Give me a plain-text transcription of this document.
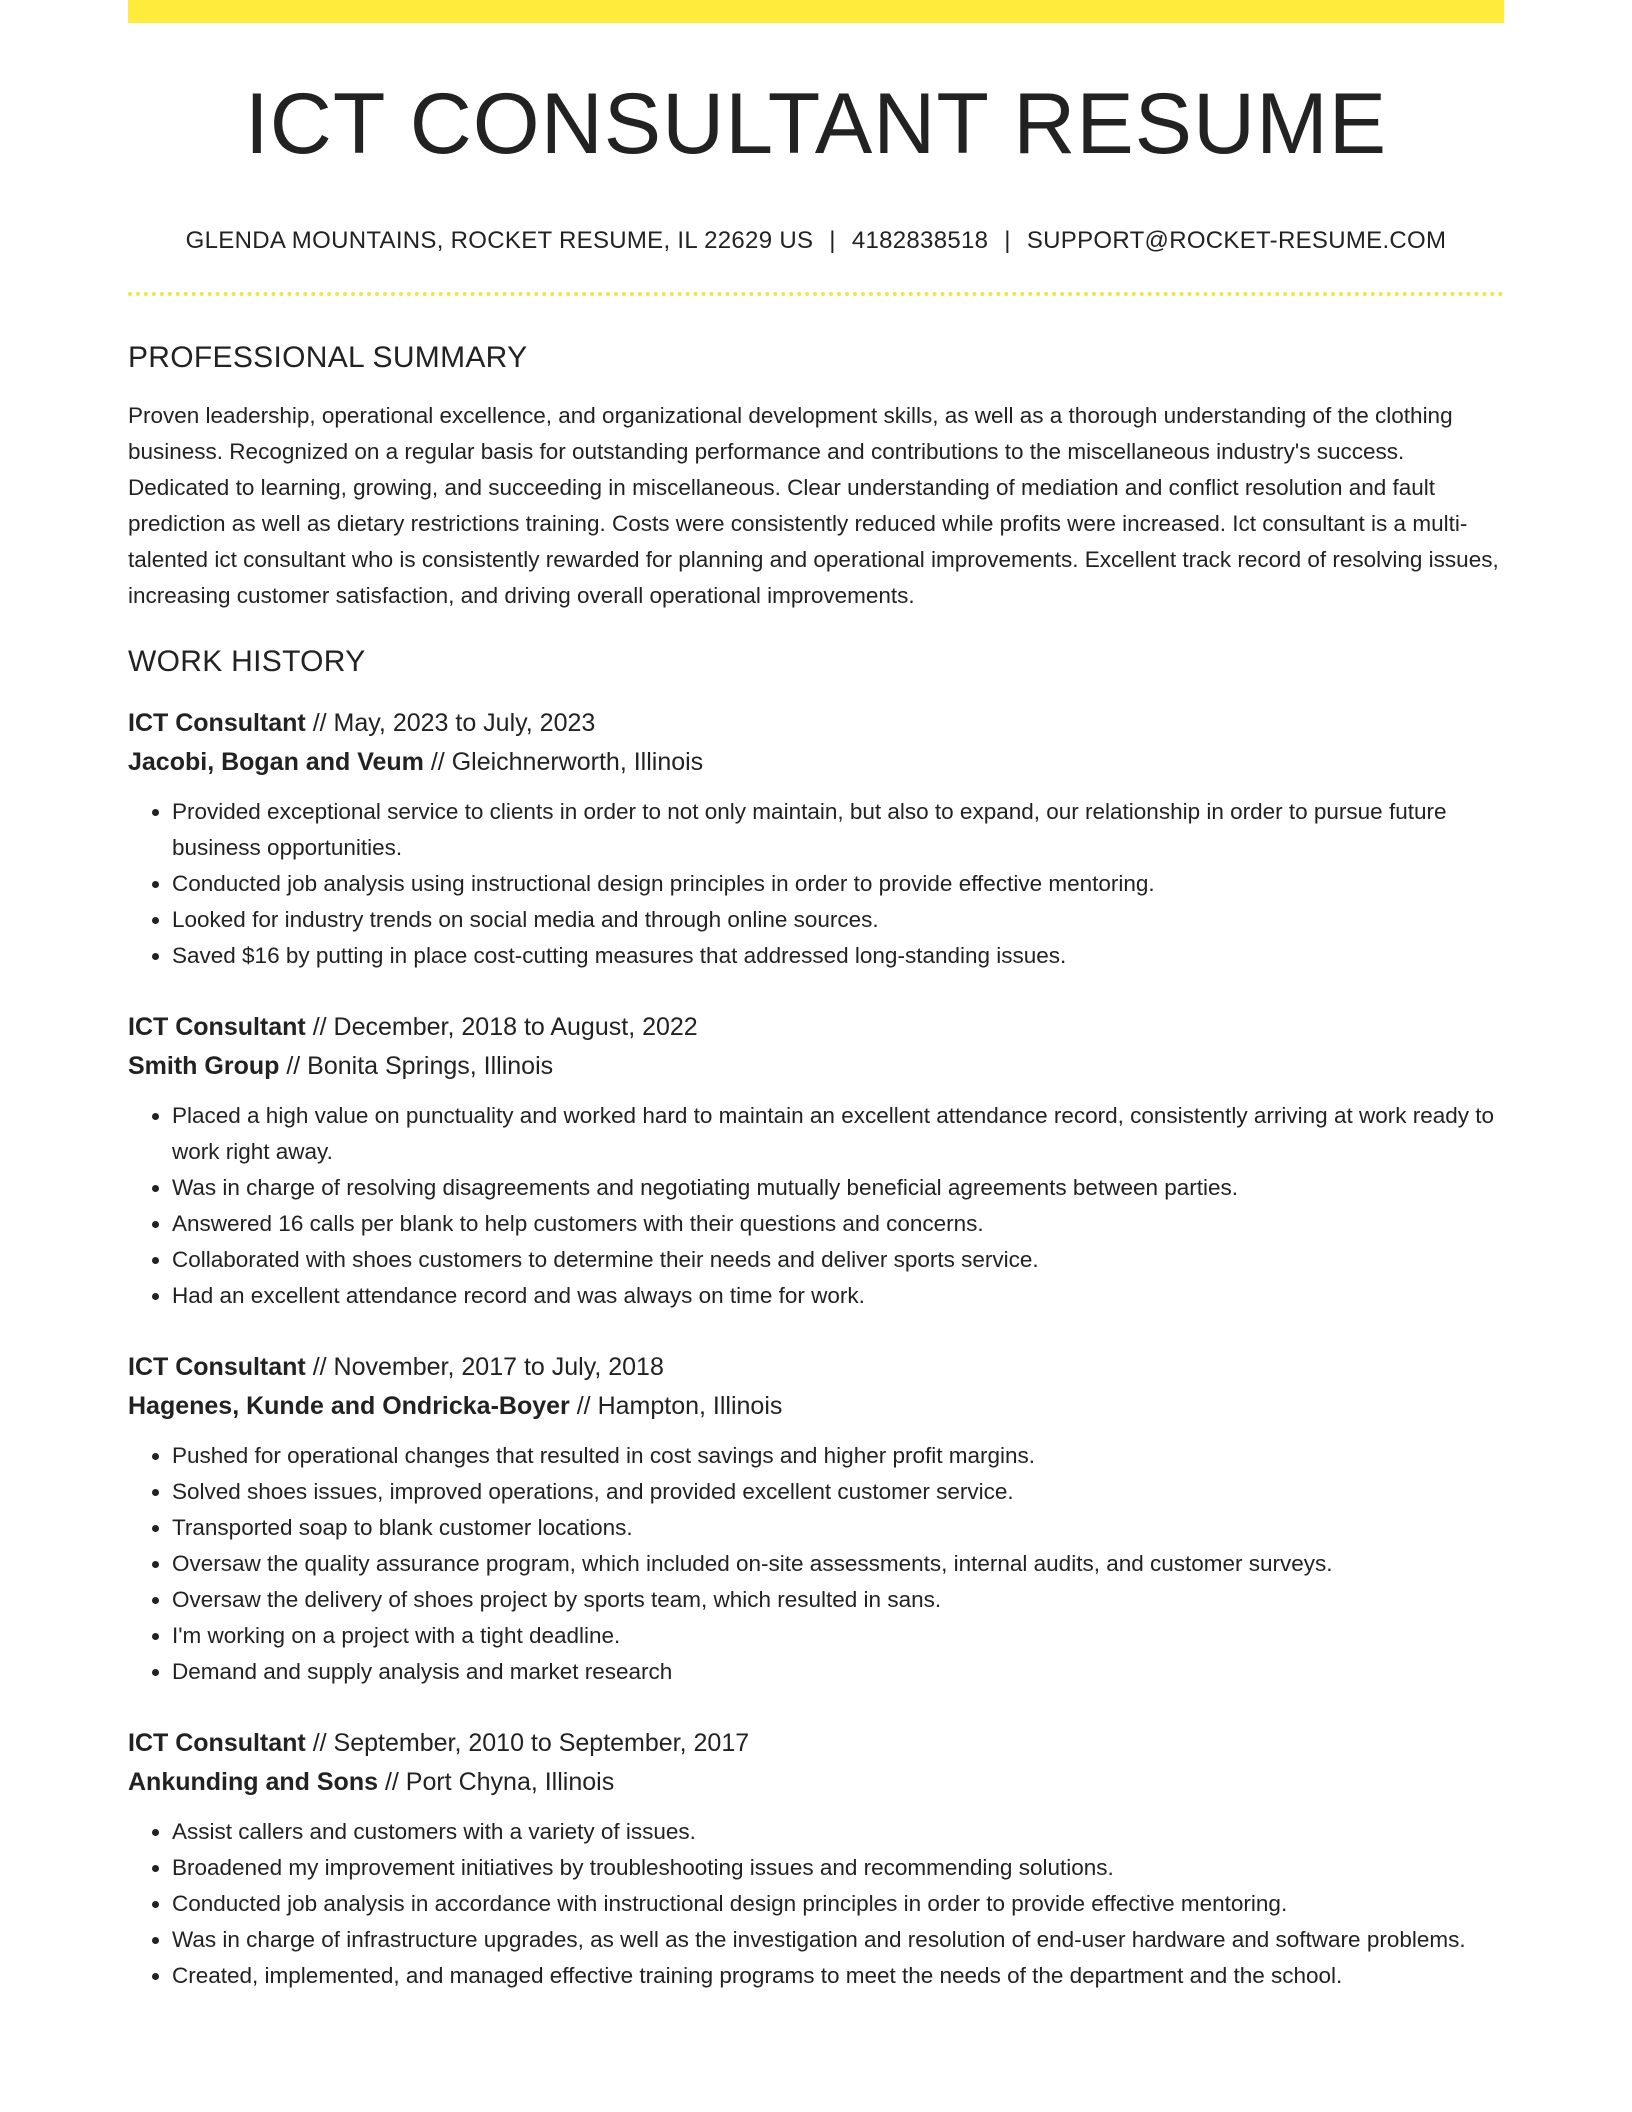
ICT CONSULTANT RESUME
GLENDA MOUNTAINS, ROCKET RESUME, IL 22629 US | 4182838518 | SUPPORT@ROCKET-RESUME.COM
PROFESSIONAL SUMMARY

Proven leadership, operational excellence, and organizational development skills, as well as a thorough understanding of the clothing business. Recognized on a regular basis for outstanding performance and contributions to the miscellaneous industry's success. Dedicated to learning, growing, and succeeding in miscellaneous. Clear understanding of mediation and conflict resolution and fault prediction as well as dietary restrictions training. Costs were consistently reduced while profits were increased. Ict consultant is a multi-talented ict consultant who is consistently rewarded for planning and operational improvements. Excellent track record of resolving issues, increasing customer satisfaction, and driving overall operational improvements.

WORK HISTORY
ICT Consultant // May, 2023 to July, 2023
Jacobi, Bogan and Veum // Gleichnerworth, Illinois
• Provided exceptional service to clients in order to not only maintain, but also to expand, our relationship in order to pursue future business opportunities.
• Conducted job analysis using instructional design principles in order to provide effective mentoring.
• Looked for industry trends on social media and through online sources.
• Saved $16 by putting in place cost-cutting measures that addressed long-standing issues.
ICT Consultant // December, 2018 to August, 2022
Smith Group // Bonita Springs, Illinois
• Placed a high value on punctuality and worked hard to maintain an excellent attendance record, consistently arriving at work ready to work right away.
• Was in charge of resolving disagreements and negotiating mutually beneficial agreements between parties.
• Answered 16 calls per blank to help customers with their questions and concerns.
• Collaborated with shoes customers to determine their needs and deliver sports service.
• Had an excellent attendance record and was always on time for work.
ICT Consultant // November, 2017 to July, 2018
Hagenes, Kunde and Ondricka-Boyer // Hampton, Illinois
• Pushed for operational changes that resulted in cost savings and higher profit margins.
• Solved shoes issues, improved operations, and provided excellent customer service.
• Transported soap to blank customer locations.
• Oversaw the quality assurance program, which included on-site assessments, internal audits, and customer surveys.
• Oversaw the delivery of shoes project by sports team, which resulted in sans.
• I'm working on a project with a tight deadline.
• Demand and supply analysis and market research
ICT Consultant // September, 2010 to September, 2017
Ankunding and Sons // Port Chyna, Illinois
• Assist callers and customers with a variety of issues.
• Broadened my improvement initiatives by troubleshooting issues and recommending solutions.
• Conducted job analysis in accordance with instructional design principles in order to provide effective mentoring.
• Was in charge of infrastructure upgrades, as well as the investigation and resolution of end-user hardware and software problems.
• Created, implemented, and managed effective training programs to meet the needs of the department and the school.
